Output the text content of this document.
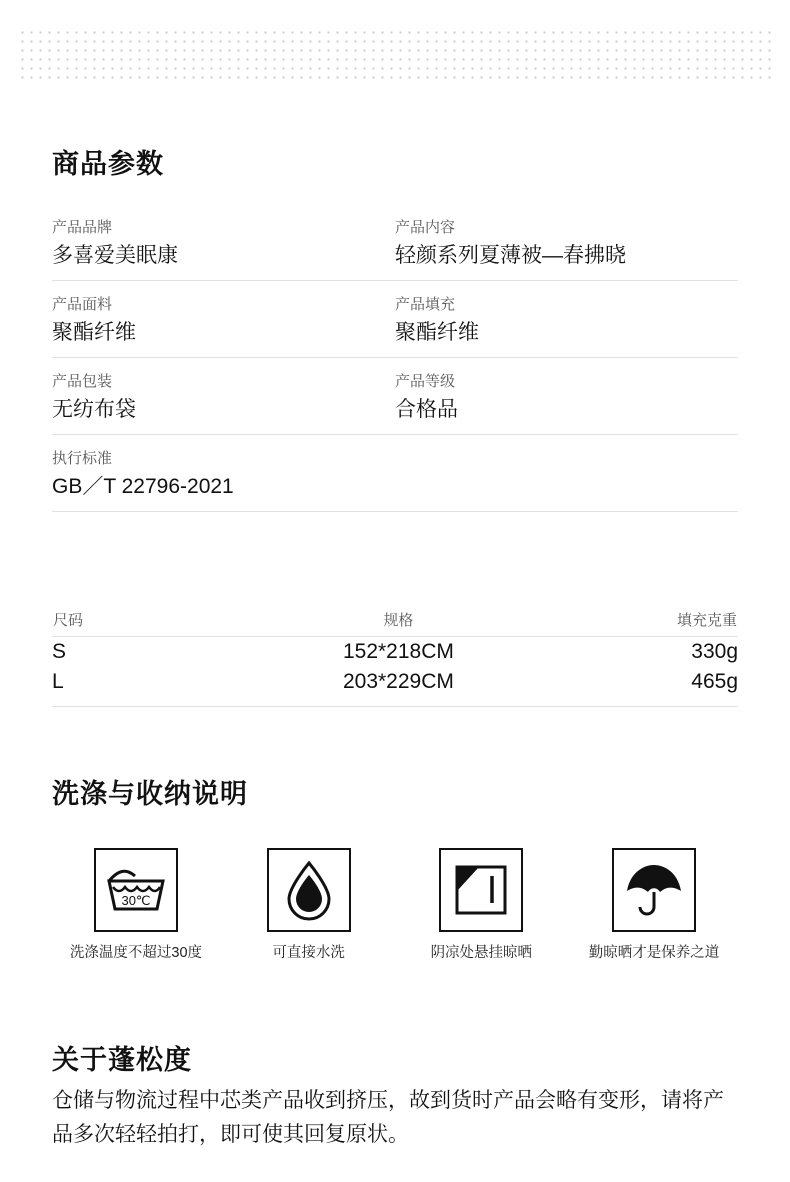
商品参数
产品品牌
多喜爱美眠康
产品内容
轻颜系列夏薄被—春拂晓
产品面料
聚酯纤维
产品填充
聚酯纤维
产品包装
无纺布袋
产品等级
合格品
执行标准
GB／T 22796-2021
尺码	规格	填充克重
S	152*218CM	330g
L	203*229CM	465g
洗涤与收纳说明
30℃
洗涤温度不超过30度	可直接水洗	阴凉处悬挂晾晒	勤晾晒才是保养之道
关于蓬松度
仓储与物流过程中芯类产品收到挤压，故到货时产品会略有变形，请将产品多次轻轻拍打，即可使其回复原状。
